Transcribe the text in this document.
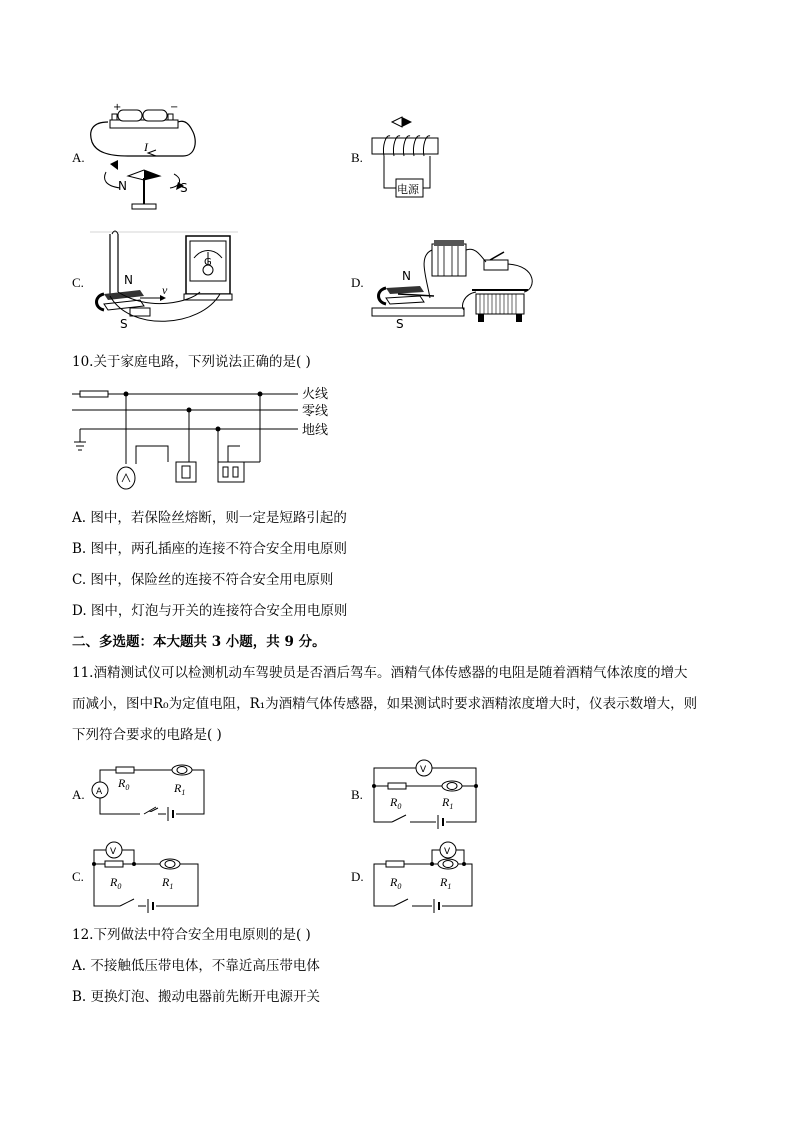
A.
+	−
I
N	S
B.
电源
C.	N
S
v
G
D.	N
S
10.关于家庭电路，下列说法正确的是( )
火线
零线
地线
A. 图中，若保险丝熔断，则一定是短路引起的
B. 图中，两孔插座的连接不符合安全用电原则
C. 图中，保险丝的连接不符合安全用电原则
D. 图中，灯泡与开关的连接符合安全用电原则
二、多选题：本大题共 3 小题，共 9 分。
11.酒精测试仪可以检测机动车驾驶员是否酒后驾车。酒精气体传感器的电阻是随着酒精气体浓度的增大
而减小，图中R₀为定值电阻，R₁为酒精气体传感器，如果测试时要求酒精浓度增大时，仪表示数增大，则
下列符合要求的电路是( )
A. A
$R_0$	$R_1$	B.
V
$R_0$	$R_1$
C.
V
$R_0$	$R_1$
D.
V
$R_0$	$R_1$
12.下列做法中符合安全用电原则的是( )
A. 不接触低压带电体，不靠近高压带电体
B. 更换灯泡、搬动电器前先断开电源开关
